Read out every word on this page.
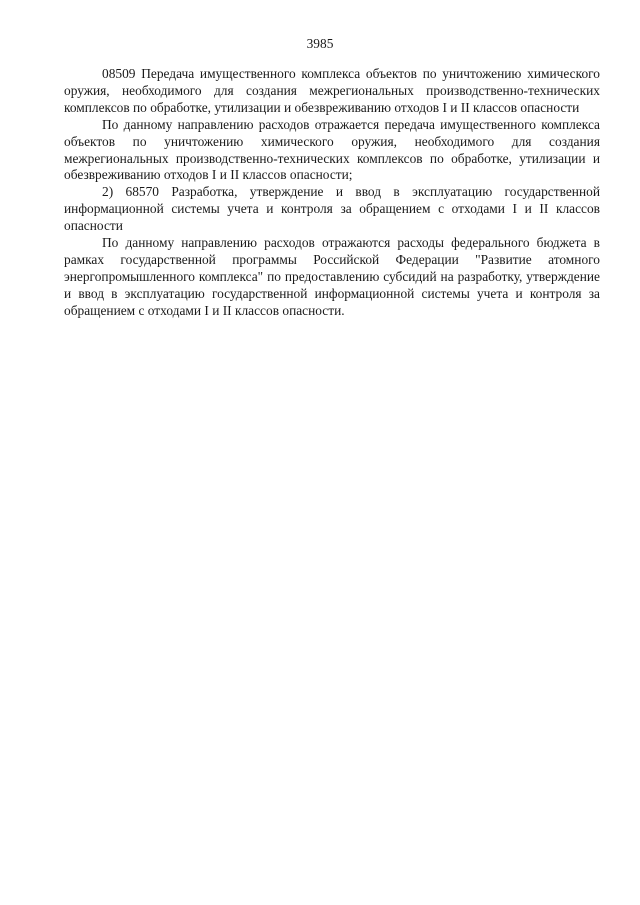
3985

08509 Передача имущественного комплекса объектов по уничтожению химического оружия, необходимого для создания межрегиональных производственно-технических комплексов по обработке, утилизации и обезвреживанию отходов I и II классов опасности

По данному направлению расходов отражается передача имущественного комплекса объектов по уничтожению химического оружия, необходимого для создания межрегиональных производственно-технических комплексов по обработке, утилизации и обезвреживанию отходов I и II классов опасности;

2) 68570 Разработка, утверждение и ввод в эксплуатацию государственной информационной системы учета и контроля за обращением с отходами I и II классов опасности

По данному направлению расходов отражаются расходы федерального бюджета в рамках государственной программы Российской Федерации "Развитие атомного энергопромышленного комплекса" по предоставлению субсидий на разработку, утверждение и ввод в эксплуатацию государственной информационной системы учета и контроля за обращением с отходами I и II классов опасности.
